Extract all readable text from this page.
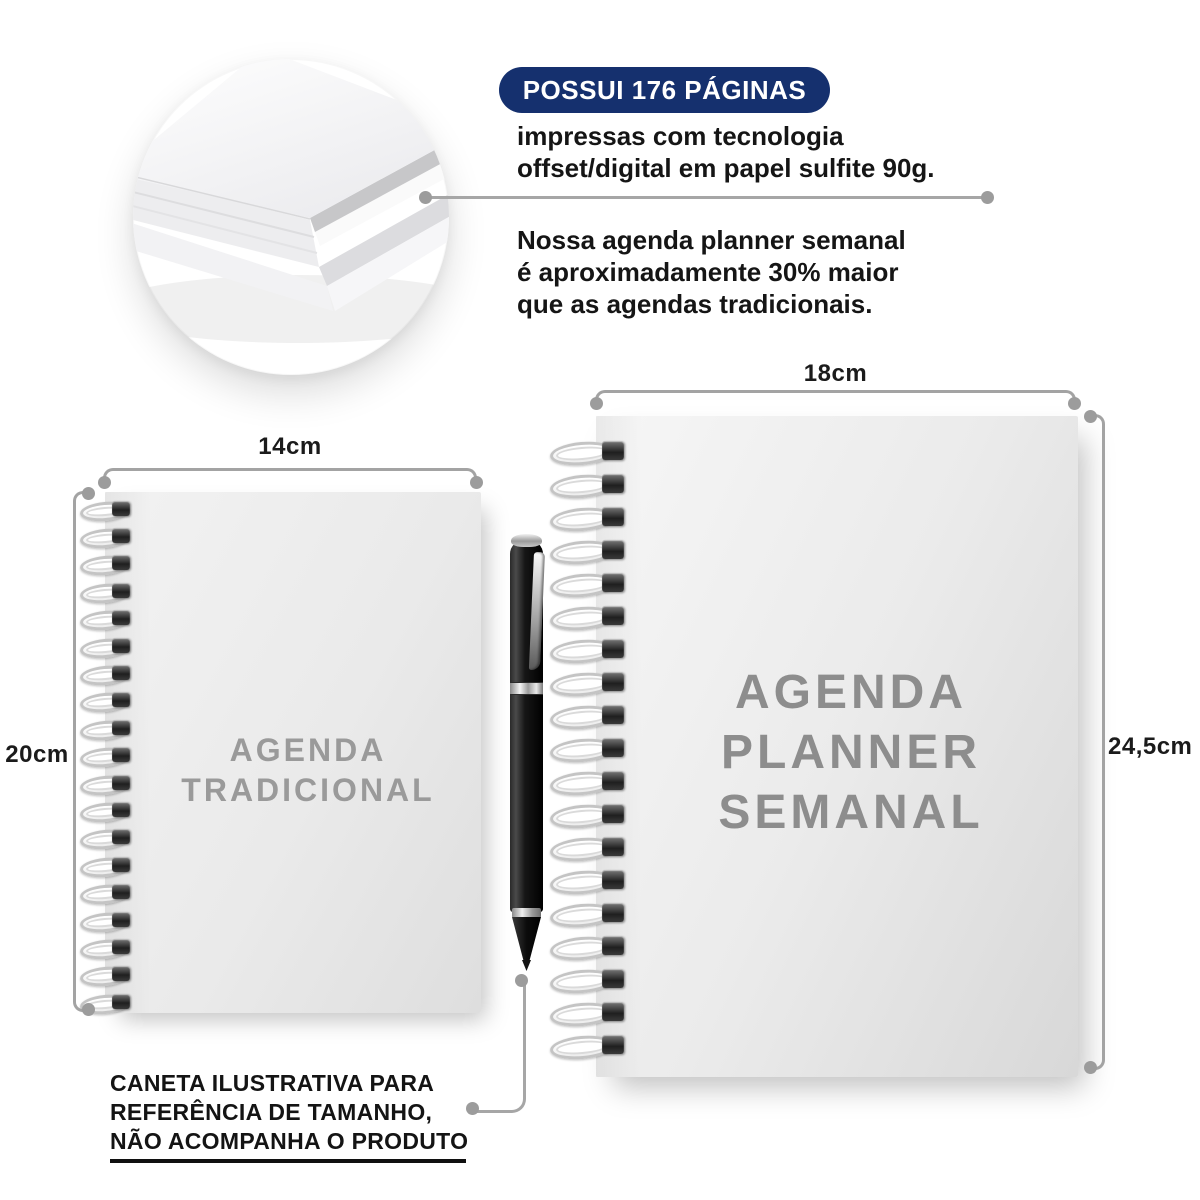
POSSUI 176 PÁGINAS
impressas com tecnologia
offset/digital em papel sulfite 90g.
Nossa agenda planner semanal
é aproximadamente 30% maior
que as agendas tradicionais.
14cm
20cm	AGENDA
TRADICIONAL
18cm
24,5cm
AGENDA
PLANNER
SEMANAL
CANETA ILUSTRATIVA PARA
REFERÊNCIA DE TAMANHO,
NÃO ACOMPANHA O PRODUTO
